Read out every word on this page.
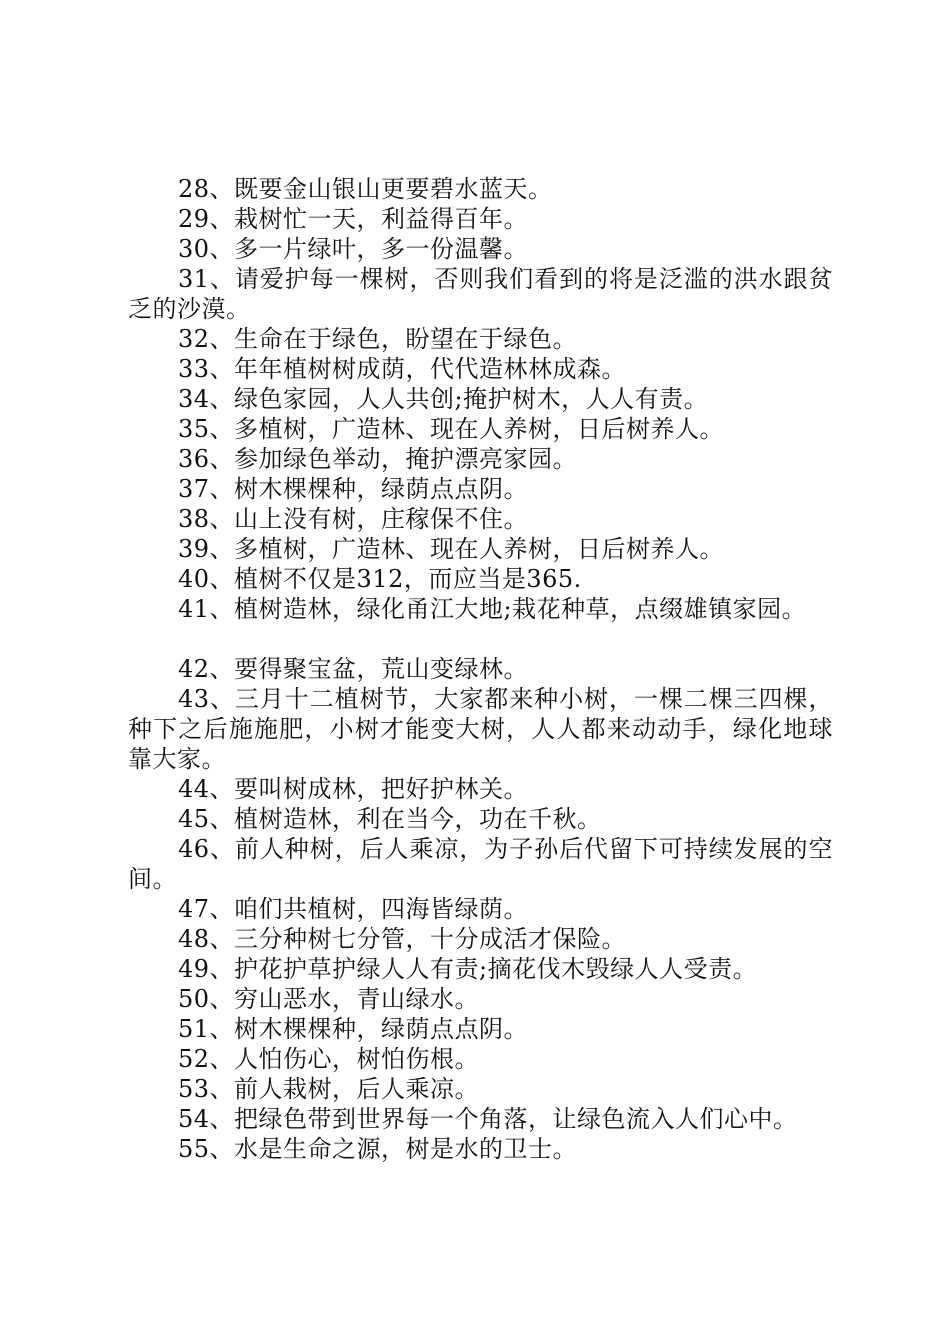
28、既要金山银山更要碧水蓝天。

29、栽树忙一天，利益得百年。

30、多一片绿叶，多一份温馨。

31、请爱护每一棵树，否则我们看到的将是泛滥的洪水跟贫乏的沙漠。

32、生命在于绿色，盼望在于绿色。

33、年年植树树成荫，代代造林林成森。

34、绿色家园，人人共创;掩护树木，人人有责。

35、多植树，广造林、现在人养树，日后树养人。

36、参加绿色举动，掩护漂亮家园。

37、树木棵棵种，绿荫点点阴。

38、山上没有树，庄稼保不住。

39、多植树，广造林、现在人养树，日后树养人。

40、植树不仅是312，而应当是365.

41、植树造林，绿化甬江大地;栽花种草，点缀雄镇家园。

42、要得聚宝盆，荒山变绿林。

43、三月十二植树节，大家都来种小树，一棵二棵三四棵，种下之后施施肥，小树才能变大树，人人都来动动手，绿化地球靠大家。

44、要叫树成林，把好护林关。

45、植树造林，利在当今，功在千秋。

46、前人种树，后人乘凉，为子孙后代留下可持续发展的空间。

47、咱们共植树，四海皆绿荫。

48、三分种树七分管，十分成活才保险。

49、护花护草护绿人人有责;摘花伐木毁绿人人受责。

50、穷山恶水，青山绿水。

51、树木棵棵种，绿荫点点阴。

52、人怕伤心，树怕伤根。

53、前人栽树，后人乘凉。

54、把绿色带到世界每一个角落，让绿色流入人们心中。

55、水是生命之源，树是水的卫士。
